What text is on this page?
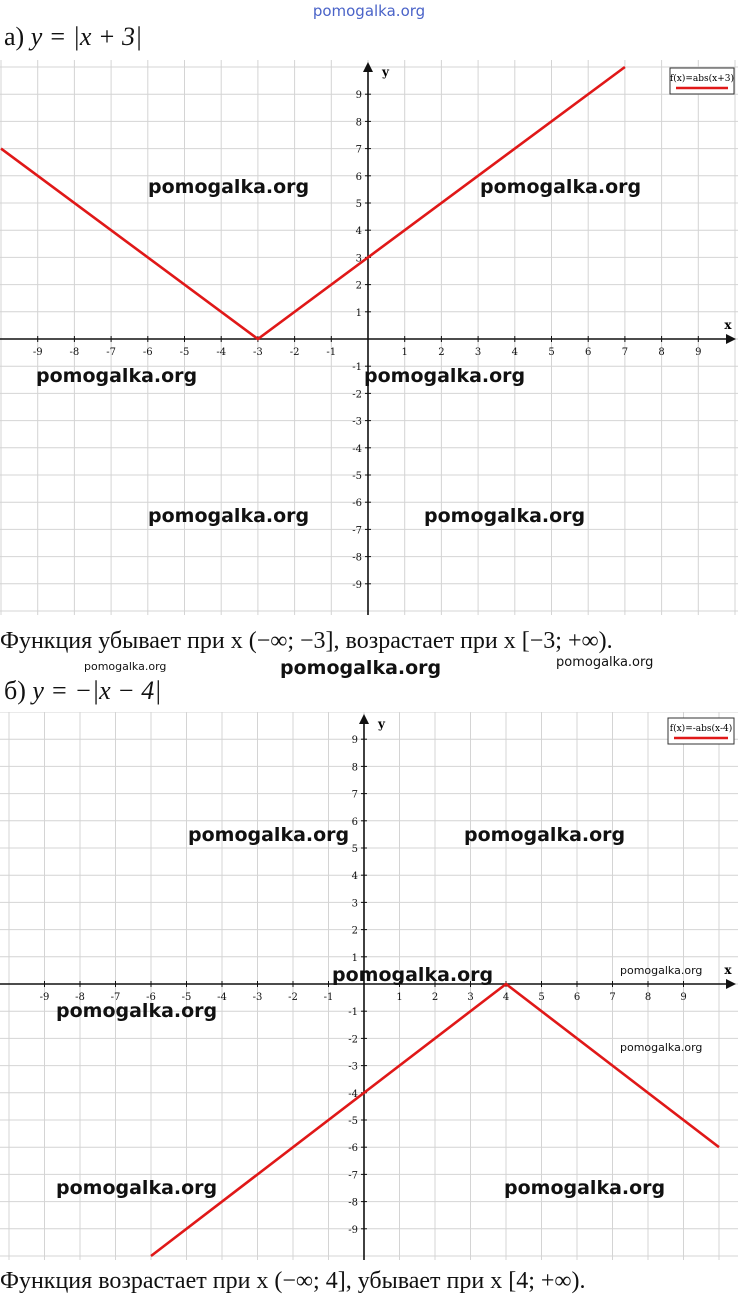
pomogalka.org
а) y = |x + 3|
x
y
-9	-8	-7	-6	-5	-4	-3	-2	-1	1	2	3	4	5	6	7	8	9
9
8
7
6
5
4
3
2
1
-1
-2
-3
-4
-5
-6
-7
-8
-9
f(x)=abs(x+3)
Функция убывает при x (−∞; −3], возрастает при x [−3; +∞).
б) y = −|x − 4|
x
y
-9	-8	-7	-6	-5	-4	-3	-2	-1	1	2	3	4	5	6	7	8	9
9
8
7
6
5
4
3
2
1
-1
-2
-3
-4
-5
-6
-7
-8
-9
f(x)=-abs(x-4)
Функция возрастает при x (−∞; 4], убывает при x [4; +∞).
pomogalka.org	pomogalka.org
pomogalka.org	pomogalka.org
pomogalka.org	pomogalka.org
pomogalka.org	pomogalka.org	pomogalka.org
pomogalka.org	pomogalka.org
pomogalka.org	pomogalka.org
pomogalka.org
pomogalka.org
pomogalka.org	pomogalka.org
